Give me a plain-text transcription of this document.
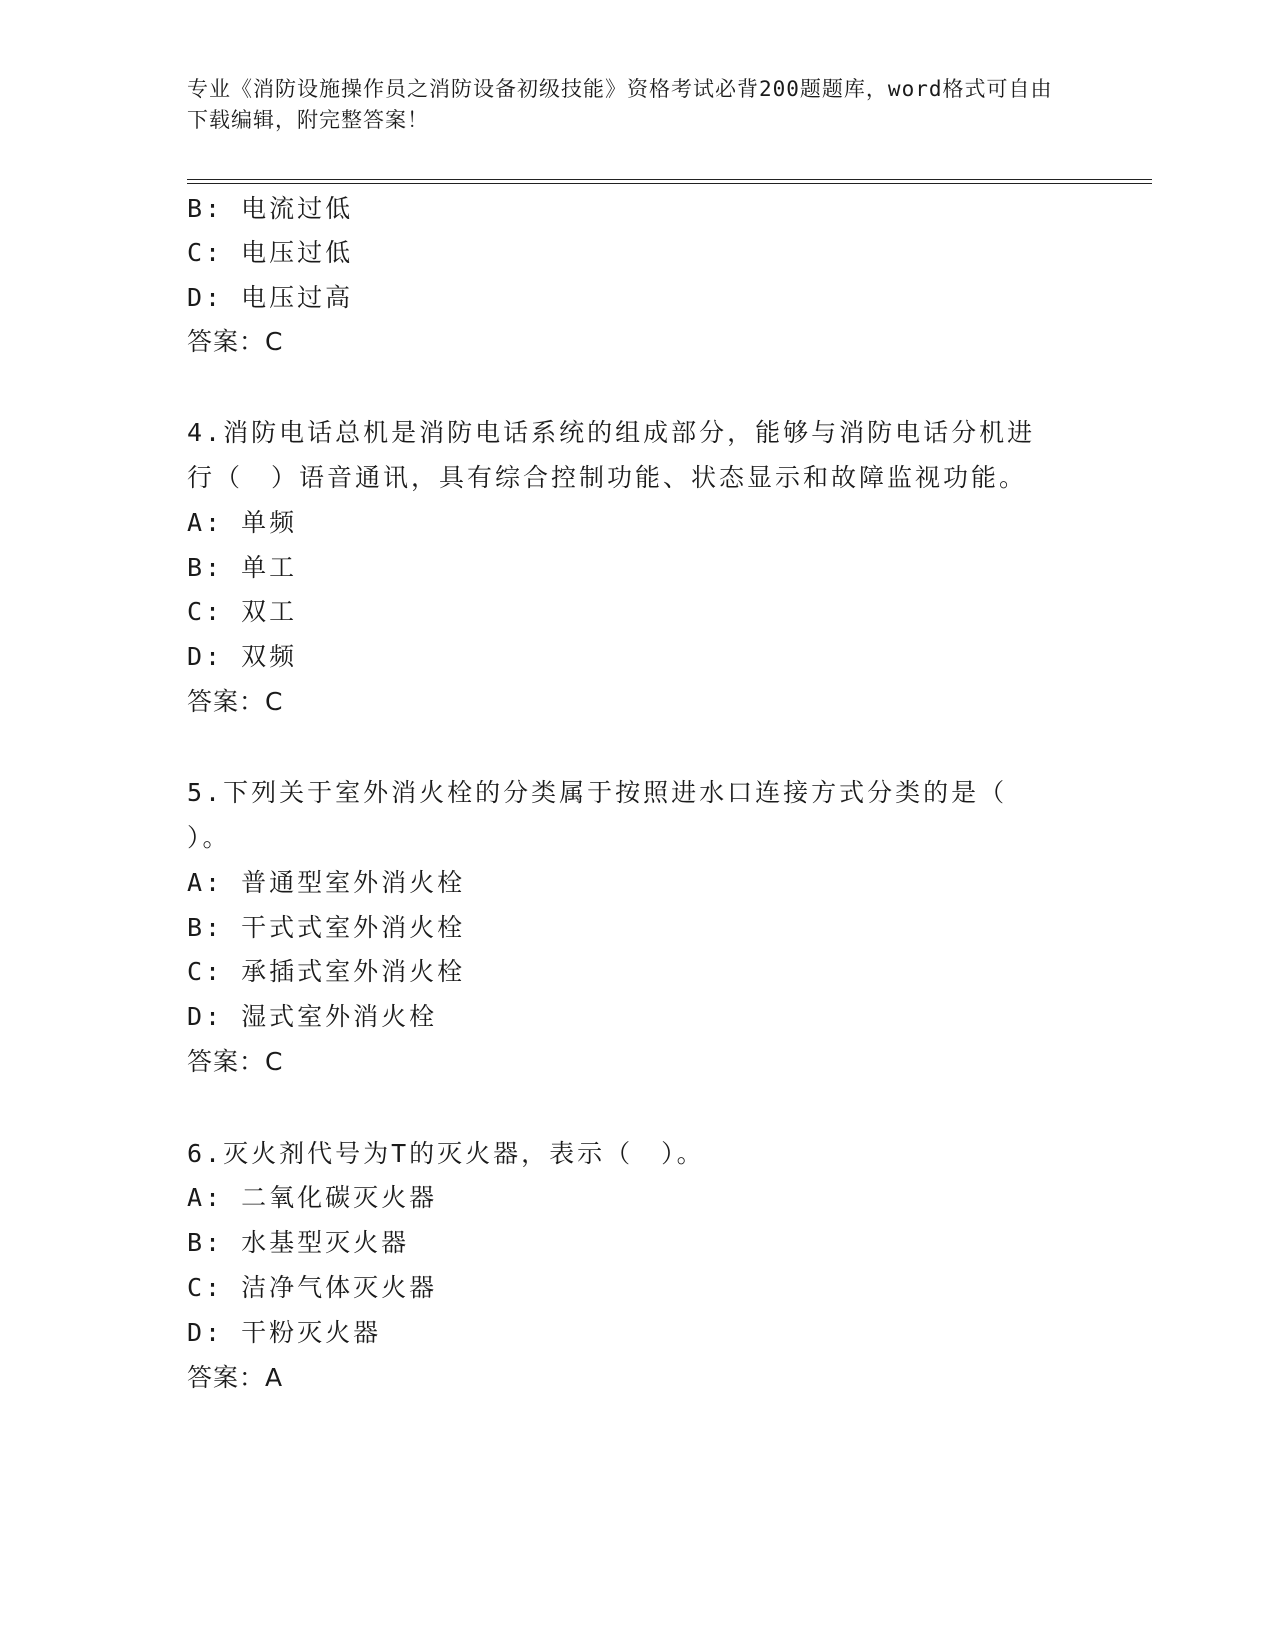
专业《消防设施操作员之消防设备初级技能》资格考试必背200题题库，word格式可自由下载编辑，附完整答案！
B: 电流过低
C: 电压过低
D: 电压过高
答案：C
4.消防电话总机是消防电话系统的组成部分，能够与消防电话分机进
行（　）语音通讯，具有综合控制功能、状态显示和故障监视功能。
A: 单频
B: 单工
C: 双工
D: 双频
答案：C
5.下列关于室外消火栓的分类属于按照进水口连接方式分类的是（
）。
A: 普通型室外消火栓
B: 干式式室外消火栓
C: 承插式室外消火栓
D: 湿式室外消火栓
答案：C
6.灭火剂代号为T的灭火器，表示（　）。
A: 二氧化碳灭火器
B: 水基型灭火器
C: 洁净气体灭火器
D: 干粉灭火器
答案：A
